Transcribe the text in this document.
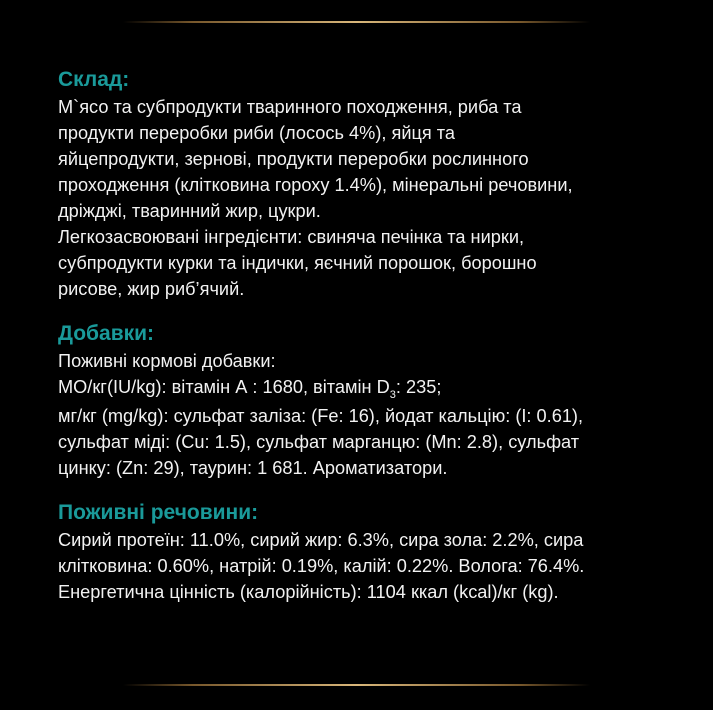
Склад:

М`ясо та субпродукти тваринного походження, риба та

продукти переробки риби (лосось 4%), яйця та

яйцепродукти, зернові, продукти переробки рослинного

проходження (клітковина гороху 1.4%), мінеральні речовини,

дріжджі, тваринний жир, цукри.

Легкозасвоювані інгредієнти: свиняча печінка та нирки,

субпродукти курки та індички, яєчний порошок, борошно

рисове, жир риб’ячий.

Добавки:

Поживні кормові добавки:

МО/кг(IU/kg): вітамін А : 1680, вітамін $D_3$: 235;

мг/кг (mg/kg): сульфат заліза: (Fe: 16), йодат кальцію: (I: 0.61),

сульфат міді: (Cu: 1.5), сульфат марганцю: (Mn: 2.8), сульфат

цинку: (Zn: 29), таурин: 1 681. Ароматизатори.

Поживні речовини:

Сирий протеїн: 11.0%, сирий жир: 6.3%, сира зола: 2.2%, сира

клітковина: 0.60%, натрій: 0.19%, калій: 0.22%. Волога: 76.4%.

Енергетична цінність (калорійність): 1104 ккал (kcal)/кг (kg).
